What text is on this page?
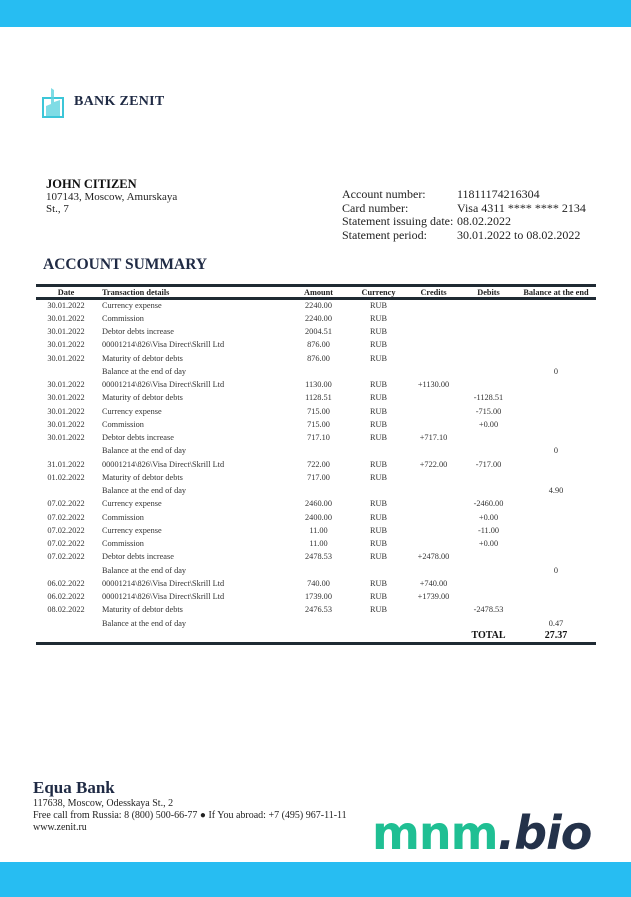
BANK ZENIT
JOHN CITIZEN
107143, Moscow, Amurskaya
St., 7
Account number:	11811174216304
Card number:	Visa 4311 **** **** 2134
Statement issuing date: 08.02.2022
Statement period:	30.01.2022 to 08.02.2022
ACCOUNT SUMMARY
Date	Transaction details	Amount	Currency	Credits	Debits	Balance at the end
30.01.2022	Currency expense	2240.00	RUB			
30.01.2022	Commission	2240.00	RUB			
30.01.2022	Debtor debts increase	2004.51	RUB			
30.01.2022	00001214\826\Visa Direct\Skrill Ltd	876.00	RUB			
30.01.2022	Maturity of debtor debts	876.00	RUB			
	Balance at the end of day					0
30.01.2022	00001214\826\Visa Direct\Skrill Ltd	1130.00	RUB	+1130.00		
30.01.2022	Maturity of debtor debts	1128.51	RUB		-1128.51	
30.01.2022	Currency expense	715.00	RUB		-715.00	
30.01.2022	Commission	715.00	RUB		+0.00	
30.01.2022	Debtor debts increase	717.10	RUB	+717.10		
	Balance at the end of day					0
31.01.2022	00001214\826\Visa Direct\Skrill Ltd	722.00	RUB	+722.00	-717.00	
01.02.2022	Maturity of debtor debts	717.00	RUB			
	Balance at the end of day					4.90
07.02.2022	Currency expense	2460.00	RUB		-2460.00	
07.02.2022	Commission	2400.00	RUB		+0.00	
07.02.2022	Currency expense	11.00	RUB		-11.00	
07.02.2022	Commission	11.00	RUB		+0.00	
07.02.2022	Debtor debts increase	2478.53	RUB	+2478.00		
	Balance at the end of day					0
06.02.2022	00001214\826\Visa Direct\Skrill Ltd	740.00	RUB	+740.00		
06.02.2022	00001214\826\Visa Direct\Skrill Ltd	1739.00	RUB	+1739.00		
08.02.2022	Maturity of debtor debts	2476.53	RUB		-2478.53	
	Balance at the end of day					0.47
					TOTAL	27.37
Equa Bank
117638, Moscow, Odesskaya St., 2
Free call from Russia: 8 (800) 500-66-77 ● If You abroad: +7 (495) 967-11-11
www.zenit.ru	mnm.bio
